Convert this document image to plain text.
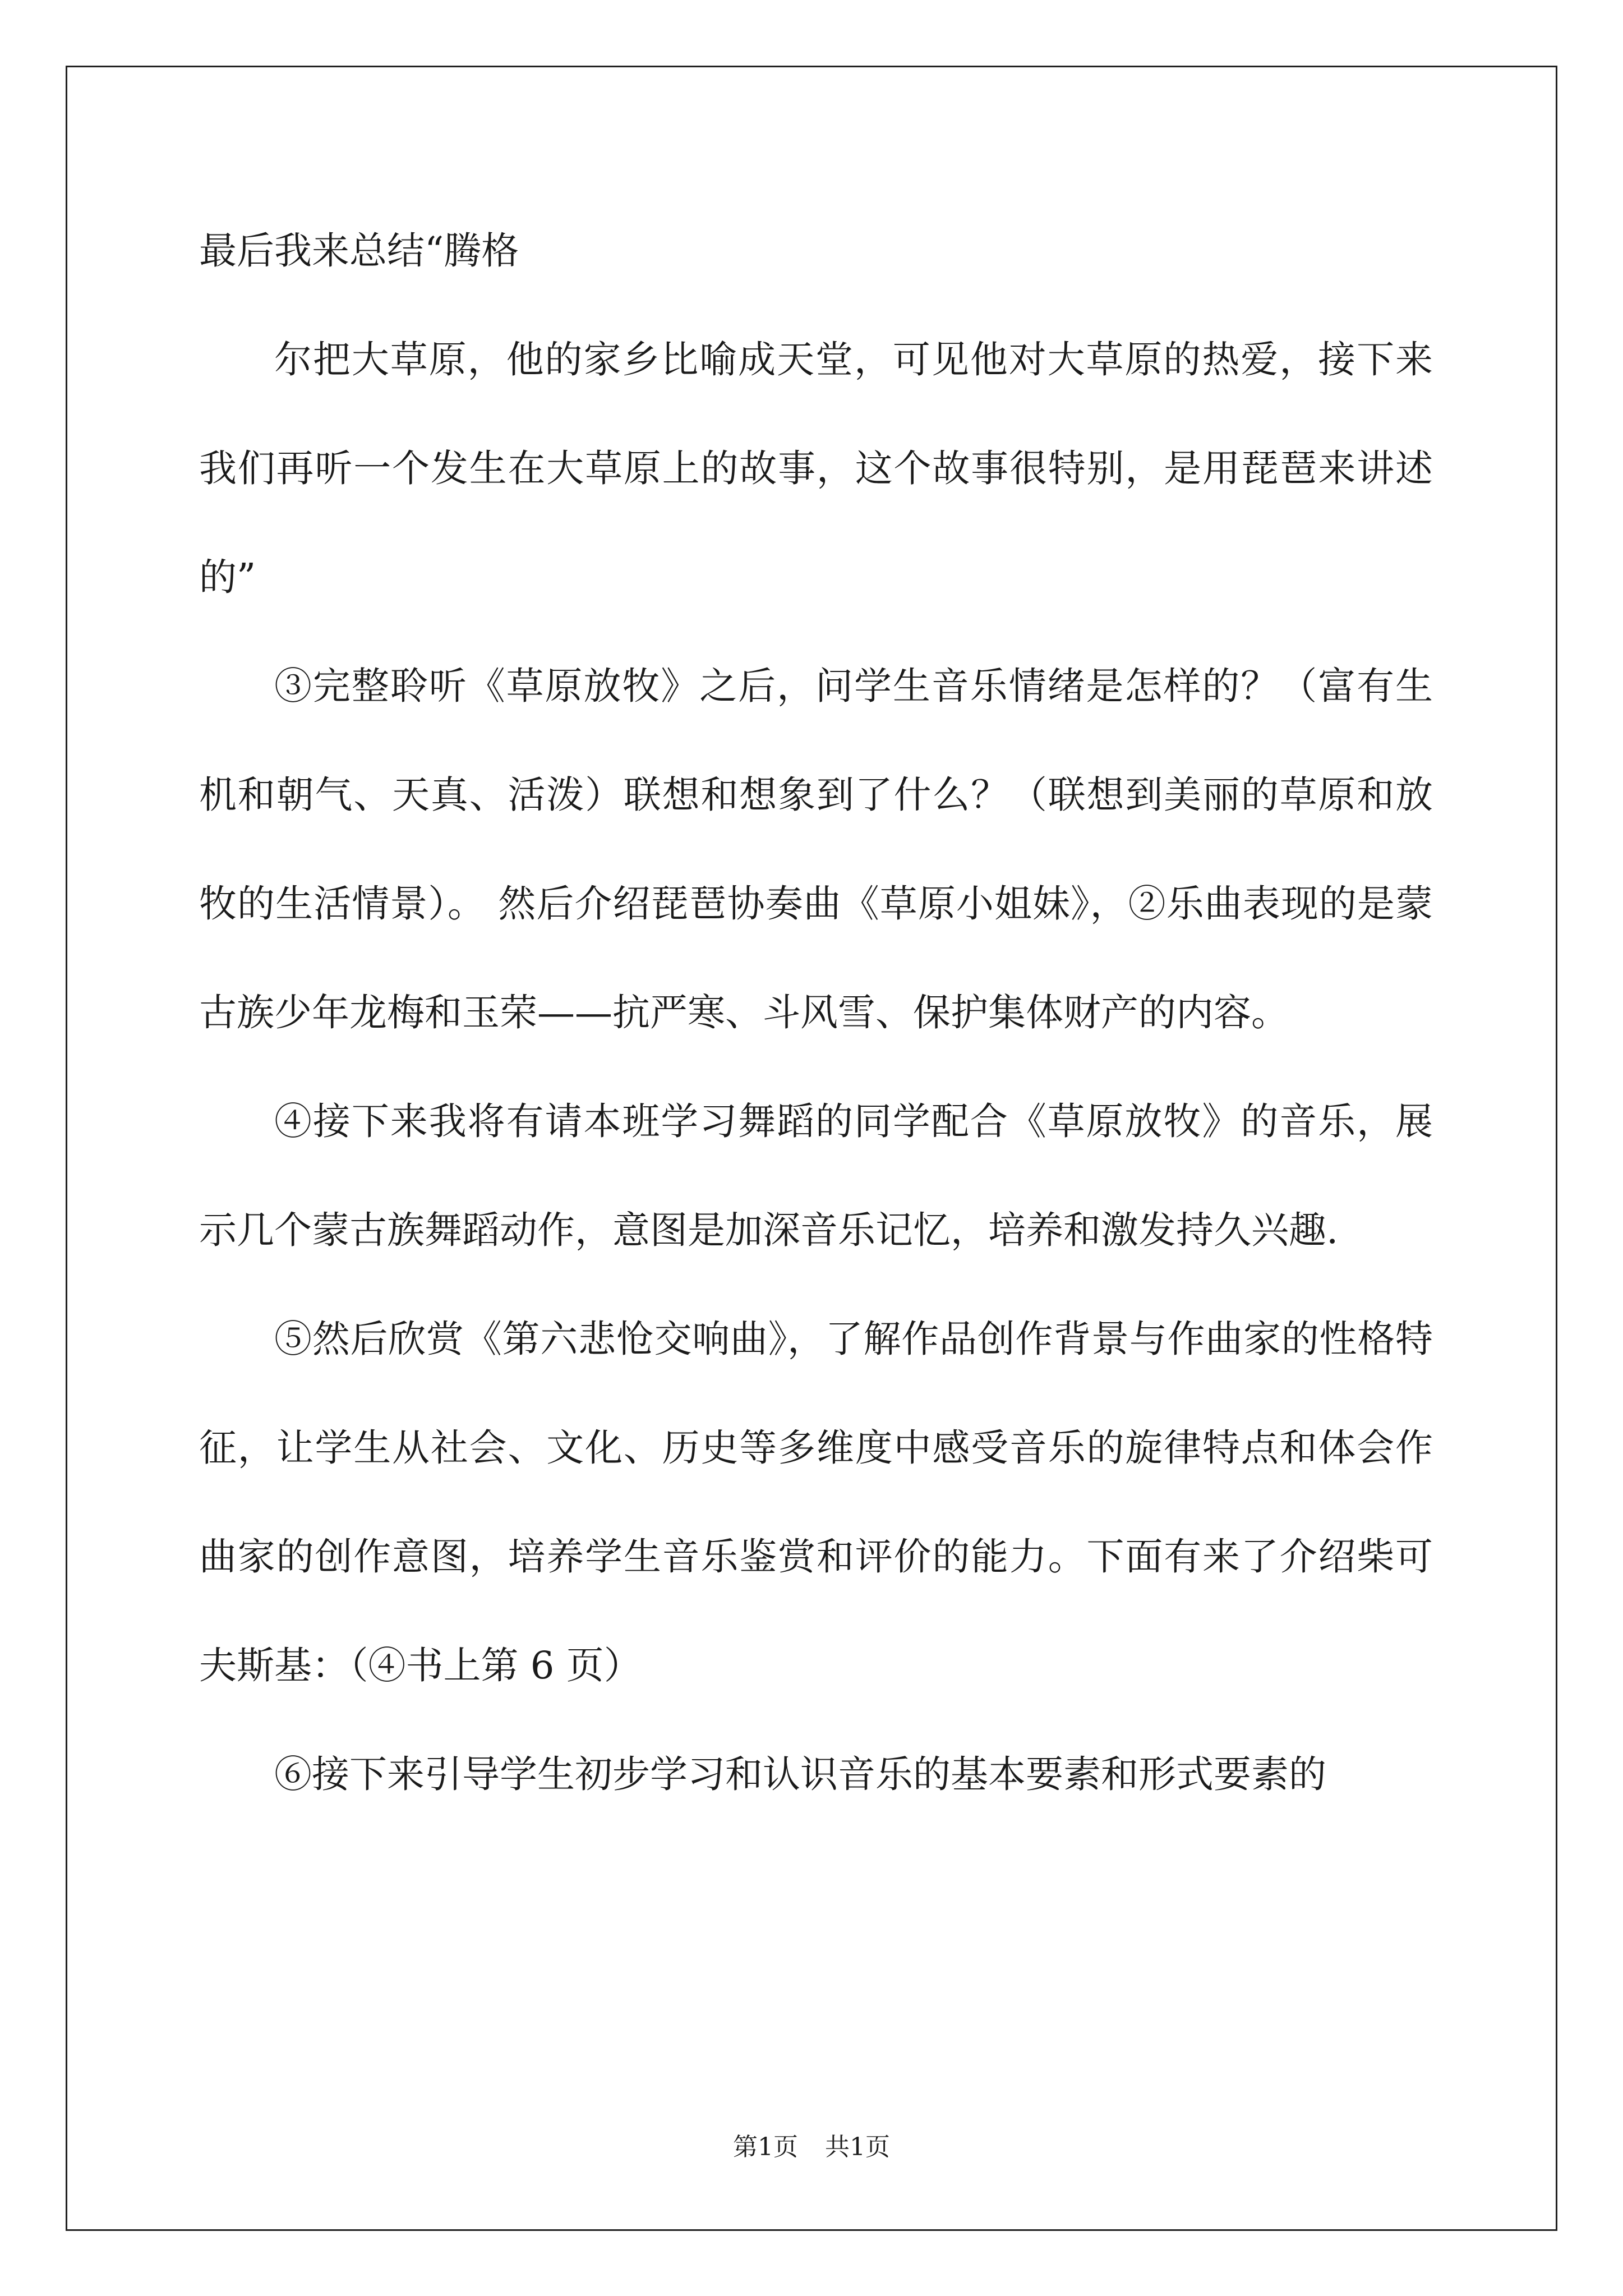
最后我来总结“腾格

尔把大草原，他的家乡比喻成天堂，可见他对大草原的热爱，接下来我们再听一个发生在大草原上的故事，这个故事很特别，是用琵琶来讲述的”

③完整聆听《草原放牧》之后，问学生音乐情绪是怎样的？（富有生机和朝气、天真、活泼）联想和想象到了什么？（联想到美丽的草原和放牧的生活情景）。 然后介绍琵琶协奏曲《草原小姐妹》，②乐曲表现的是蒙古族少年龙梅和玉荣——抗严寒、斗风雪、保护集体财产的内容。

④接下来我将有请本班学习舞蹈的同学配合《草原放牧》的音乐，展示几个蒙古族舞蹈动作，意图是加深音乐记忆，培养和激发持久兴趣.

⑤然后欣赏《第六悲怆交响曲》，了解作品创作背景与作曲家的性格特征，让学生从社会、文化、历史等多维度中感受音乐的旋律特点和体会作曲家的创作意图，培养学生音乐鉴赏和评价的能力。下面有来了介绍柴可夫斯基：（④书上第 6 页）

⑥接下来引导学生初步学习和认识音乐的基本要素和形式要素的

第1页 共1页
